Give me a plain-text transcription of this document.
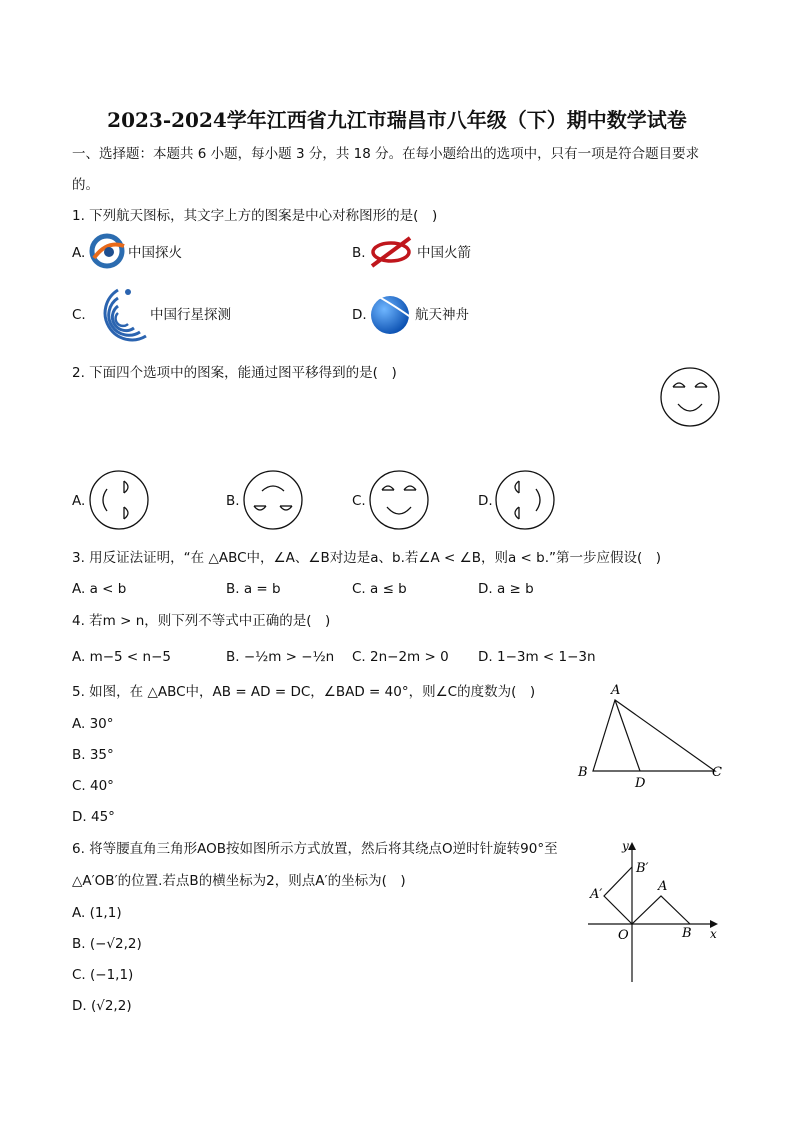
2023-2024学年江西省九江市瑞昌市八年级（下）期中数学试卷
一、选择题：本题共 6 小题，每小题 3 分，共 18 分。在每小题给出的选项中，只有一项是符合题目要求
的。
1. 下列航天图标，其文字上方的图案是中心对称图形的是(　)
A.	中国探火	B.	中国火箭
C.	中国行星探测	D.	航天神舟
2. 下面四个选项中的图案，能通过图平移得到的是(　)
A.	B.	C.	D.
3. 用反证法证明，“在 △ABC中，∠A、∠B对边是a、b.若∠A < ∠B，则a < b.”第一步应假设(　)
A. a < b	B. a = b	C. a ≤ b	D. a ≥ b
4. 若m > n，则下列不等式中正确的是(　)
A. m−5 < n−5	B. −½m > −½n C. 2n−2m > 0 D. 1−3m < 1−3n
5. 如图，在 △ABC中，AB = AD = DC，∠BAD = 40°，则∠C的度数为(　)
A. 30°
B. 35°
C. 40°
D. 45°
A
B
D
C
6. 将等腰直角三角形AOB按如图所示方式放置，然后将其绕点O逆时针旋转90°至
△A′OB′的位置.若点B的横坐标为2，则点A′的坐标为(　)
A. (1,1)
B. (−√2,2)
C. (−1,1)
D. (√2,2)
y
x
O
A
B
A′
B′
